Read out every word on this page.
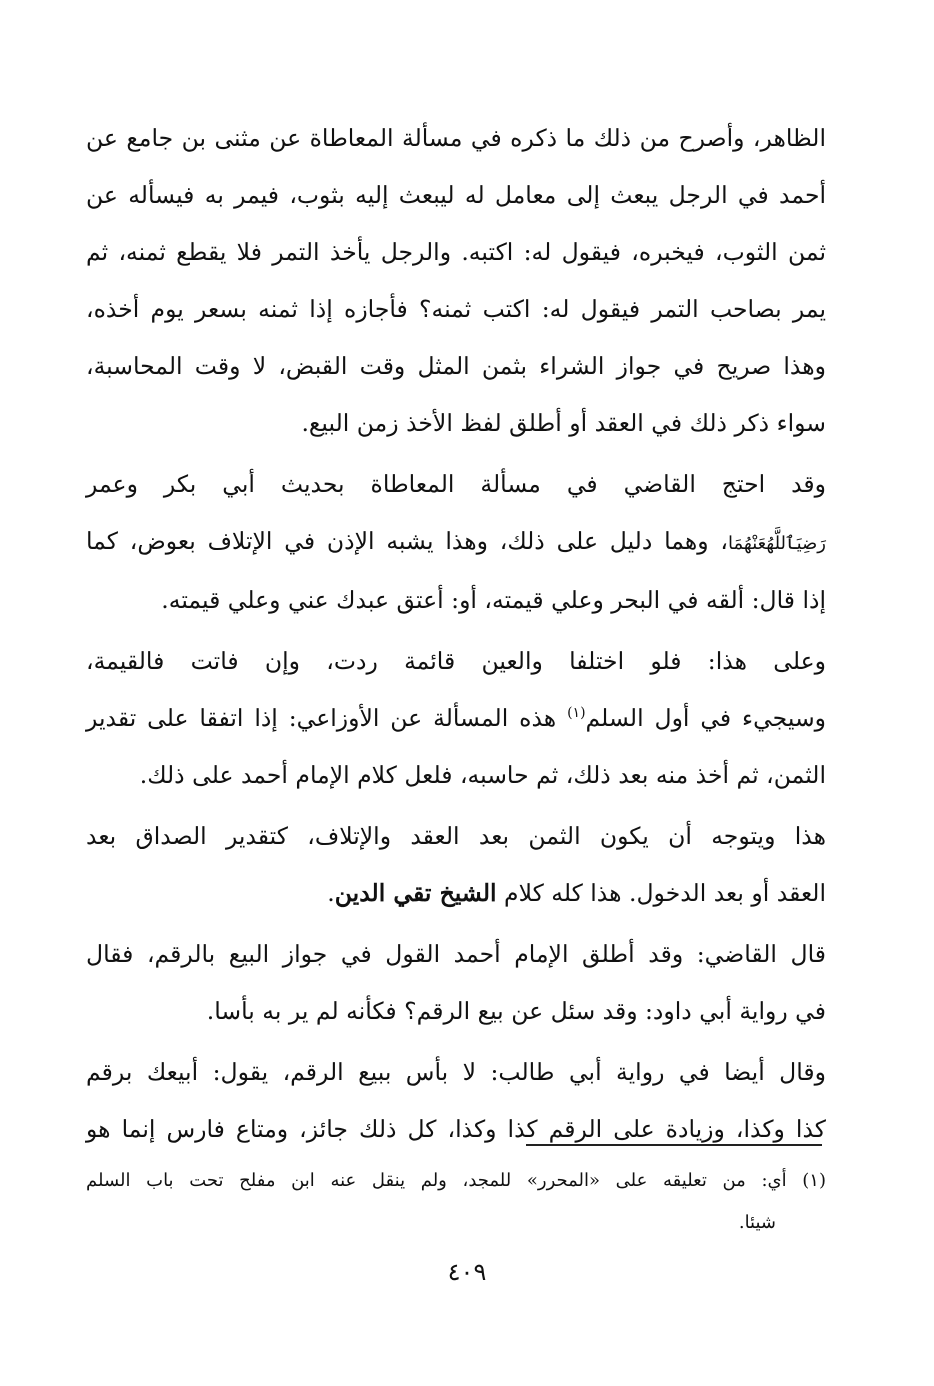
الظاهر، وأصرح من ذلك ما ذكره في مسألة المعاطاة عن مثنى بن جامع عن
أحمد في الرجل يبعث إلى معامل له ليبعث إليه بثوب، فيمر به فيسأله عن
ثمن الثوب، فيخبره، فيقول له: اكتبه. والرجل يأخذ التمر فلا يقطع ثمنه، ثم
يمر بصاحب التمر فيقول له: اكتب ثمنه؟ فأجازه إذا ثمنه بسعر يوم أخذه،
وهذا صريح في جواز الشراء بثمن المثل وقت القبض، لا وقت المحاسبة،
سواء ذكر ذلك في العقد أو أطلق لفظ الأخذ زمن البيع.

وقد احتج القاضي في مسألة المعاطاة بحديث أبي بكر وعمر
رَضِيَٱللَّهُعَنْهُمَا، وهما دليل على ذلك، وهذا يشبه الإذن في الإتلاف بعوض، كما
إذا قال: ألقه في البحر وعلي قيمته، أو: أعتق عبدك عني وعلي قيمته.

وعلى هذا: فلو اختلفا والعين قائمة ردت، وإن فاتت فالقيمة،
وسيجيء في أول السلم$^{(١)}$ هذه المسألة عن الأوزاعي: إذا اتفقا على تقدير
الثمن، ثم أخذ منه بعد ذلك، ثم حاسبه، فلعل كلام الإمام أحمد على ذلك.

هذا ويتوجه أن يكون الثمن بعد العقد والإتلاف، كتقدير الصداق بعد
العقد أو بعد الدخول. هذا كله كلام الشيخ تقي الدين.

قال القاضي: وقد أطلق الإمام أحمد القول في جواز البيع بالرقم، فقال
في رواية أبي داود: وقد سئل عن بيع الرقم؟ فكأنه لم ير به بأسا.

وقال أيضا في رواية أبي طالب: لا بأس ببيع الرقم، يقول: أبيعك برقم
كذا وكذا، وزيادة على الرقم كذا وكذا، كل ذلك جائز، ومتاع فارس إنما هو

(١) أي: من تعليقه على «المحرر» للمجد، ولم ينقل عنه ابن مفلح تحت باب السلم
شيئا.
٤٠٩
